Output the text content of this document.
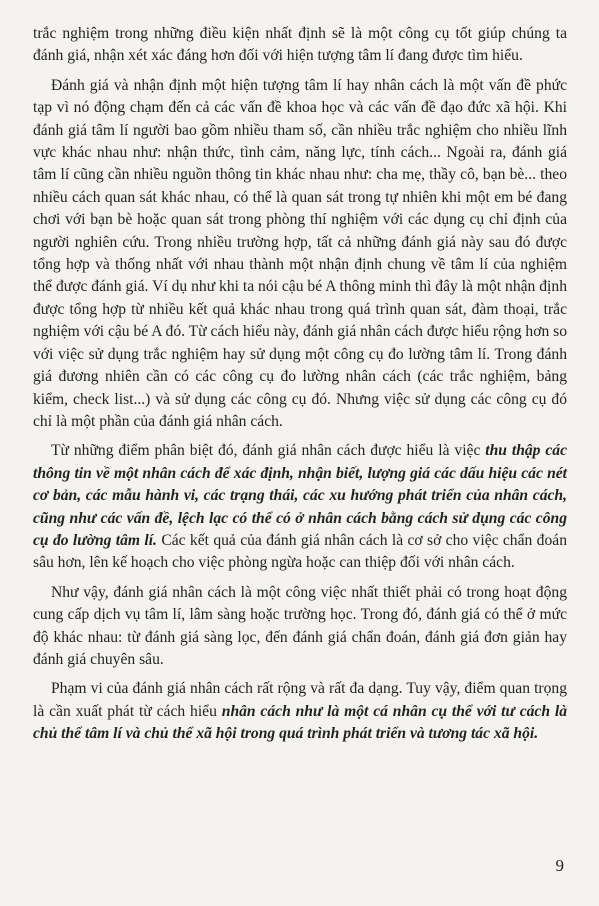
trắc nghiệm trong những điều kiện nhất định sẽ là một công cụ tốt giúp chúng ta đánh giá, nhận xét xác đáng hơn đối với hiện tượng tâm lí đang được tìm hiểu.

Đánh giá và nhận định một hiện tượng tâm lí hay nhân cách là một vấn đề phức tạp vì nó động chạm đến cả các vấn đề khoa học và các vấn đề đạo đức xã hội. Khi đánh giá tâm lí người bao gồm nhiều tham số, cần nhiều trắc nghiệm cho nhiều lĩnh vực khác nhau như: nhận thức, tình cảm, năng lực, tính cách... Ngoài ra, đánh giá tâm lí cũng cần nhiều nguồn thông tin khác nhau như: cha mẹ, thầy cô, bạn bè... theo nhiều cách quan sát khác nhau, có thể là quan sát trong tự nhiên khi một em bé đang chơi với bạn bè hoặc quan sát trong phòng thí nghiệm với các dụng cụ chỉ định của người nghiên cứu. Trong nhiều trường hợp, tất cả những đánh giá này sau đó được tổng hợp và thống nhất với nhau thành một nhận định chung về tâm lí của nghiệm thể được đánh giá. Ví dụ như khi ta nói cậu bé A thông minh thì đây là một nhận định được tổng hợp từ nhiều kết quả khác nhau trong quá trình quan sát, đàm thoại, trắc nghiệm với cậu bé A đó. Từ cách hiểu này, đánh giá nhân cách được hiểu rộng hơn so với việc sử dụng trắc nghiệm hay sử dụng một công cụ đo lường tâm lí. Trong đánh giá đương nhiên cần có các công cụ đo lường nhân cách (các trắc nghiệm, bảng kiểm, check list...) và sử dụng các công cụ đó. Nhưng việc sử dụng các công cụ đó chỉ là một phần của đánh giá nhân cách.

Từ những điểm phân biệt đó, đánh giá nhân cách được hiểu là việc thu thập các thông tin về một nhân cách để xác định, nhận biết, lượng giá các dấu hiệu các nét cơ bản, các mẫu hành vi, các trạng thái, các xu hướng phát triển của nhân cách, cũng như các vấn đề, lệch lạc có thể có ở nhân cách bằng cách sử dụng các công cụ đo lường tâm lí. Các kết quả của đánh giá nhân cách là cơ sở cho việc chẩn đoán sâu hơn, lên kế hoạch cho việc phòng ngừa hoặc can thiệp đối với nhân cách.

Như vậy, đánh giá nhân cách là một công việc nhất thiết phải có trong hoạt động cung cấp dịch vụ tâm lí, lâm sàng hoặc trường học. Trong đó, đánh giá có thể ở mức độ khác nhau: từ đánh giá sàng lọc, đến đánh giá chẩn đoán, đánh giá đơn giản hay đánh giá chuyên sâu.

Phạm vi của đánh giá nhân cách rất rộng và rất đa dạng. Tuy vậy, điểm quan trọng là cần xuất phát từ cách hiểu nhân cách như là một cá nhân cụ thể với tư cách là chủ thể tâm lí và chủ thể xã hội trong quá trình phát triển và tương tác xã hội.

9
